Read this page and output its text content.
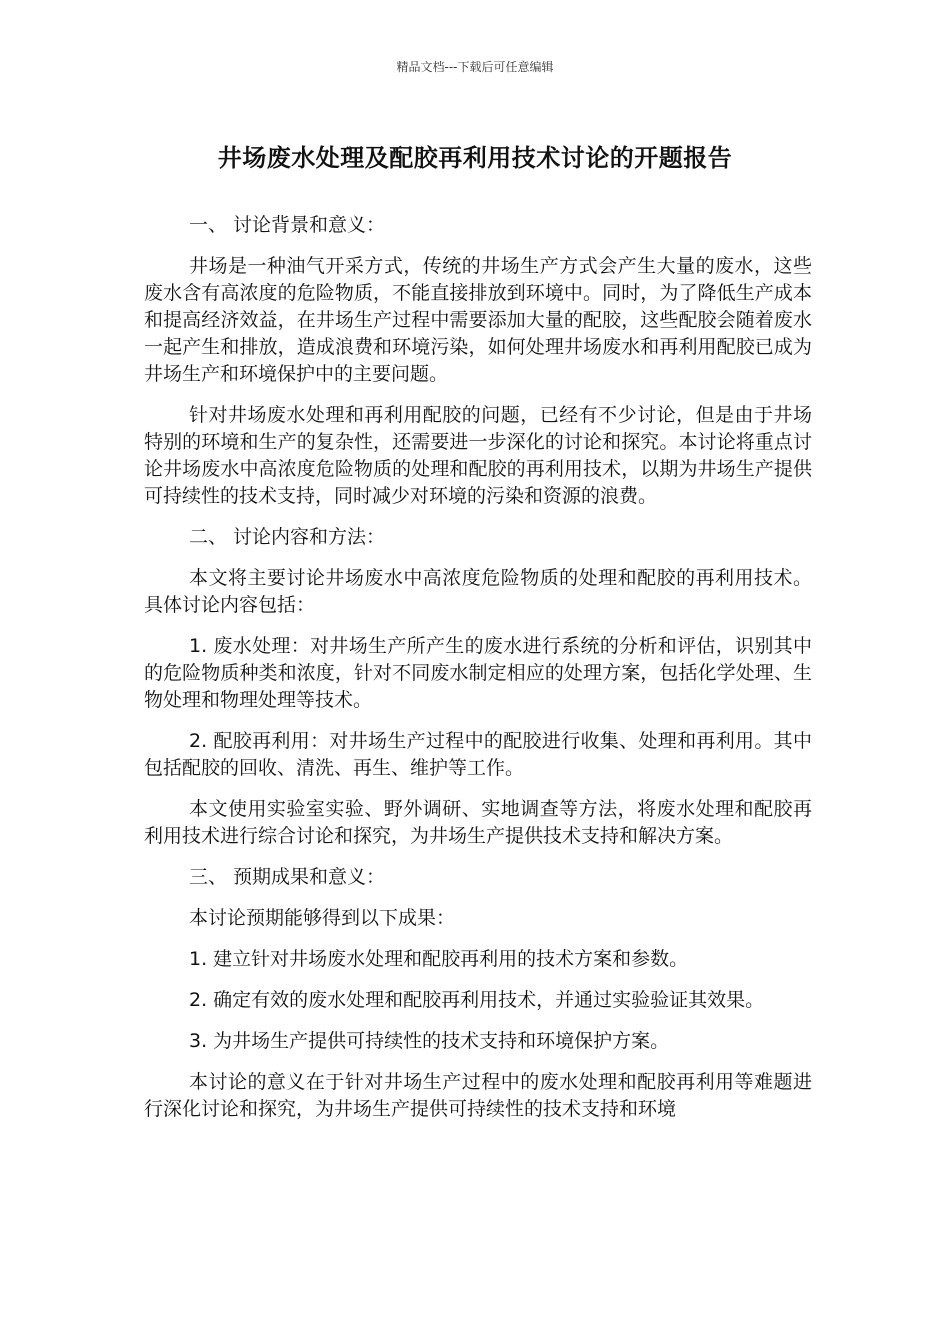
精品文档---下载后可任意编辑
井场废水处理及配胶再利用技术讨论的开题报告

一、 讨论背景和意义：

井场是一种油气开采方式，传统的井场生产方式会产生大量的废水，这些废水含有高浓度的危险物质，不能直接排放到环境中。同时，为了降低生产成本和提高经济效益，在井场生产过程中需要添加大量的配胶，这些配胶会随着废水一起产生和排放，造成浪费和环境污染，如何处理井场废水和再利用配胶已成为井场生产和环境保护中的主要问题。

针对井场废水处理和再利用配胶的问题，已经有不少讨论，但是由于井场特别的环境和生产的复杂性，还需要进一步深化的讨论和探究。本讨论将重点讨论井场废水中高浓度危险物质的处理和配胶的再利用技术，以期为井场生产提供可持续性的技术支持，同时减少对环境的污染和资源的浪费。

二、 讨论内容和方法：

本文将主要讨论井场废水中高浓度危险物质的处理和配胶的再利用技术。具体讨论内容包括：

1. 废水处理：对井场生产所产生的废水进行系统的分析和评估，识别其中的危险物质种类和浓度，针对不同废水制定相应的处理方案，包括化学处理、生物处理和物理处理等技术。

2. 配胶再利用：对井场生产过程中的配胶进行收集、处理和再利用。其中包括配胶的回收、清洗、再生、维护等工作。

本文使用实验室实验、野外调研、实地调查等方法，将废水处理和配胶再利用技术进行综合讨论和探究，为井场生产提供技术支持和解决方案。

三、 预期成果和意义：

本讨论预期能够得到以下成果：

1. 建立针对井场废水处理和配胶再利用的技术方案和参数。

2. 确定有效的废水处理和配胶再利用技术，并通过实验验证其效果。

3. 为井场生产提供可持续性的技术支持和环境保护方案。

本讨论的意义在于针对井场生产过程中的废水处理和配胶再利用等难题进行深化讨论和探究，为井场生产提供可持续性的技术支持和环境
